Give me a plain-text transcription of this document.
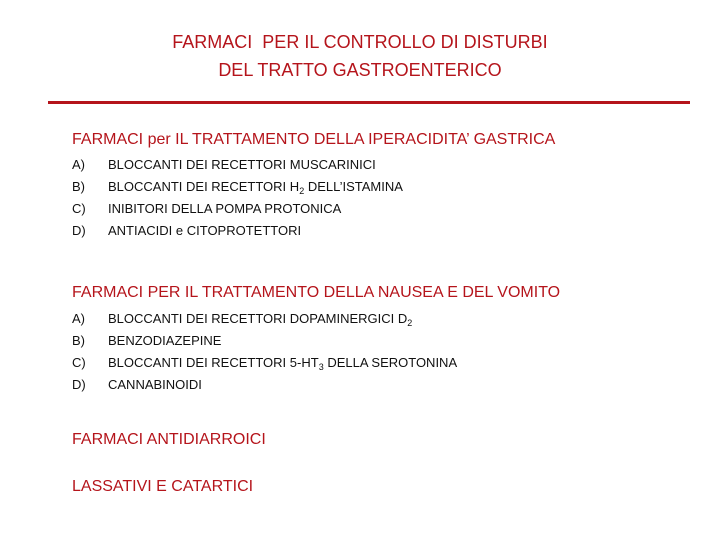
FARMACI  PER IL CONTROLLO DI DISTURBI
DEL TRATTO GASTROENTERICO
FARMACI per IL TRATTAMENTO DELLA IPERACIDITA’ GASTRICA
A)	BLOCCANTI DEI RECETTORI MUSCARINICI
B)	BLOCCANTI DEI RECETTORI $H_2$ DELL’ISTAMINA
C)	INIBITORI DELLA POMPA PROTONICA
D)	ANTIACIDI e CITOPROTETTORI
FARMACI PER IL TRATTAMENTO DELLA NAUSEA E DEL VOMITO
A)	BLOCCANTI DEI RECETTORI DOPAMINERGICI $D_2$
B)	BENZODIAZEPINE
C)	BLOCCANTI DEI RECETTORI $5-HT_3$ DELLA SEROTONINA
D)	CANNABINOIDI
FARMACI ANTIDIARROICI
LASSATIVI E CATARTICI
